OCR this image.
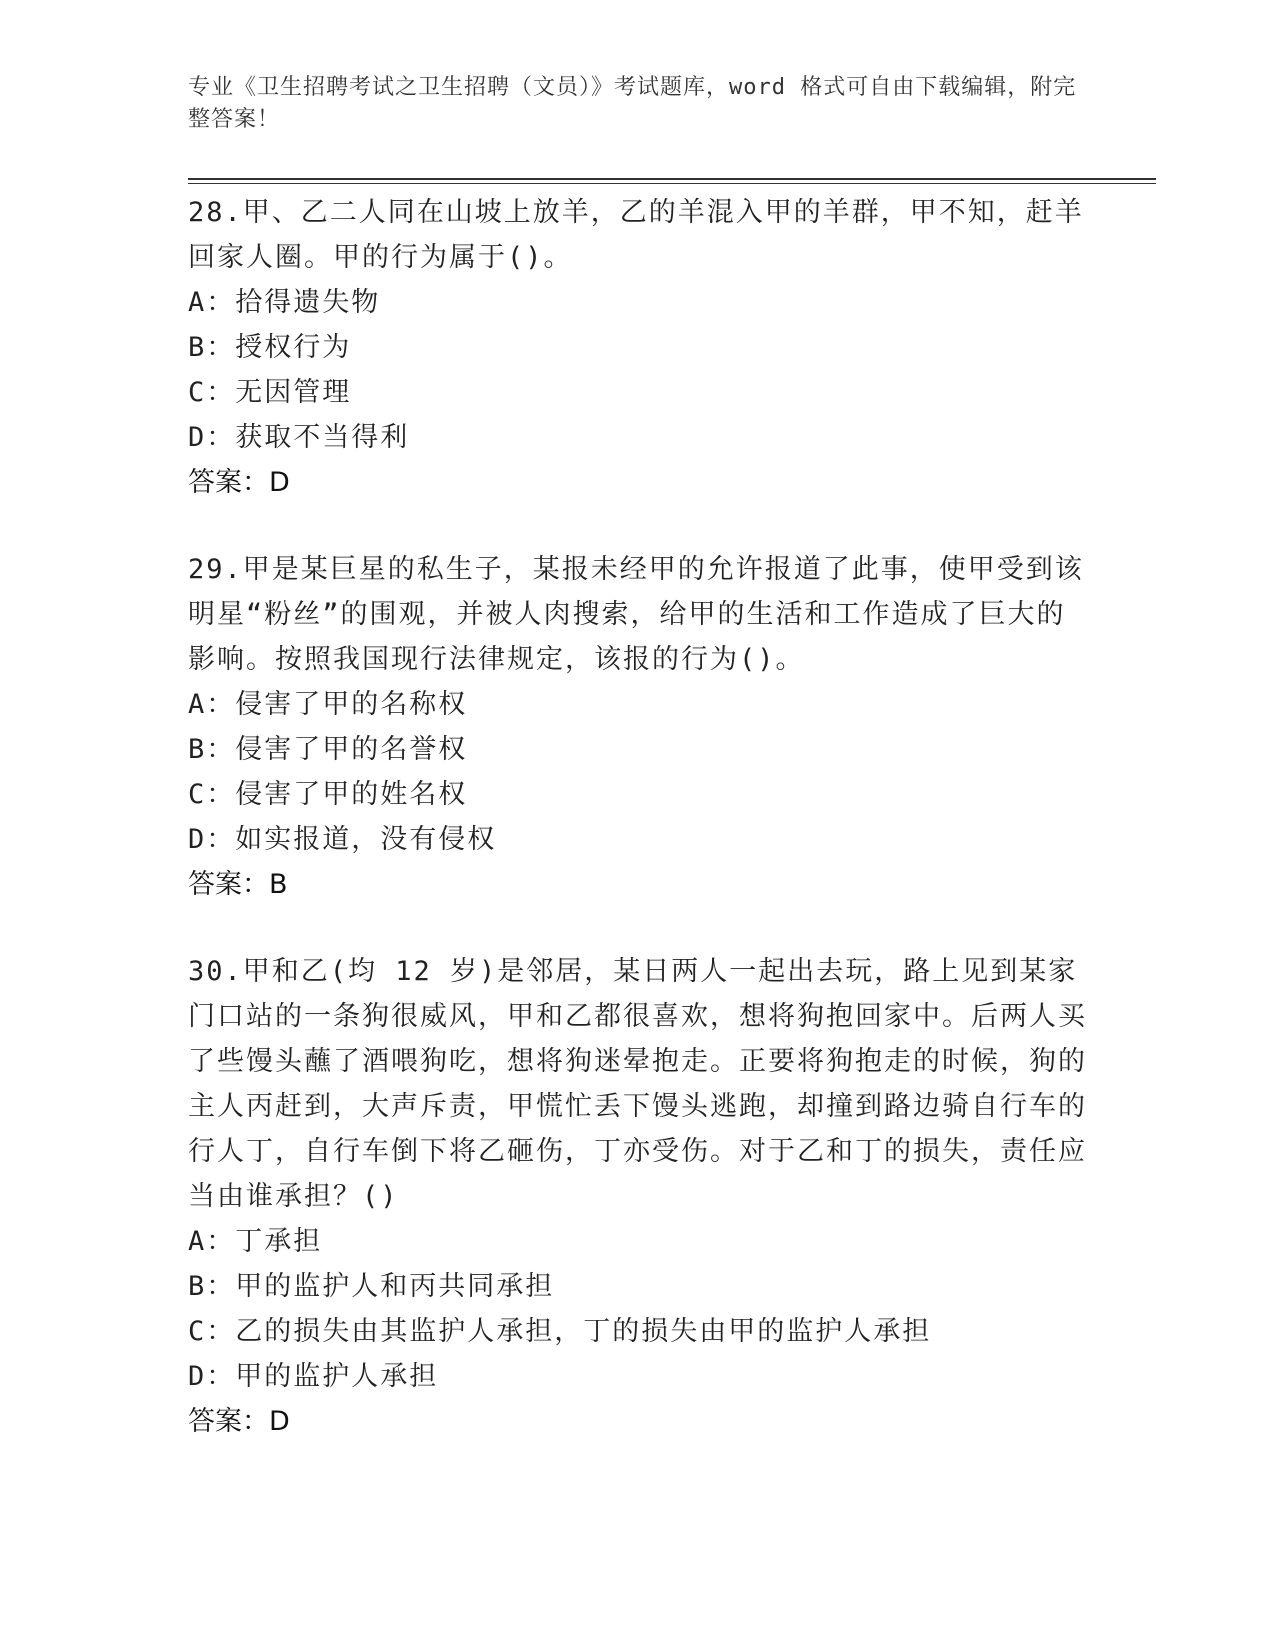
专业《卫生招聘考试之卫生招聘（文员）》考试题库，word 格式可自由下载编辑，附完整答案！
28.甲、乙二人同在山坡上放羊，乙的羊混入甲的羊群，甲不知，赶羊回家人圈。甲的行为属于()。
A：拾得遗失物
B：授权行为
C：无因管理
D：获取不当得利
答案：D
29.甲是某巨星的私生子，某报未经甲的允许报道了此事，使甲受到该明星“粉丝”的围观，并被人肉搜索，给甲的生活和工作造成了巨大的影响。按照我国现行法律规定，该报的行为()。
A：侵害了甲的名称权
B：侵害了甲的名誉权
C：侵害了甲的姓名权
D：如实报道，没有侵权
答案：B
30.甲和乙(均 12 岁)是邻居，某日两人一起出去玩，路上见到某家门口站的一条狗很威风，甲和乙都很喜欢，想将狗抱回家中。后两人买了些馒头蘸了酒喂狗吃，想将狗迷晕抱走。正要将狗抱走的时候，狗的主人丙赶到，大声斥责，甲慌忙丢下馒头逃跑，却撞到路边骑自行车的行人丁，自行车倒下将乙砸伤，丁亦受伤。对于乙和丁的损失，责任应当由谁承担？()
A：丁承担
B：甲的监护人和丙共同承担
C：乙的损失由其监护人承担，丁的损失由甲的监护人承担
D：甲的监护人承担
答案：D
